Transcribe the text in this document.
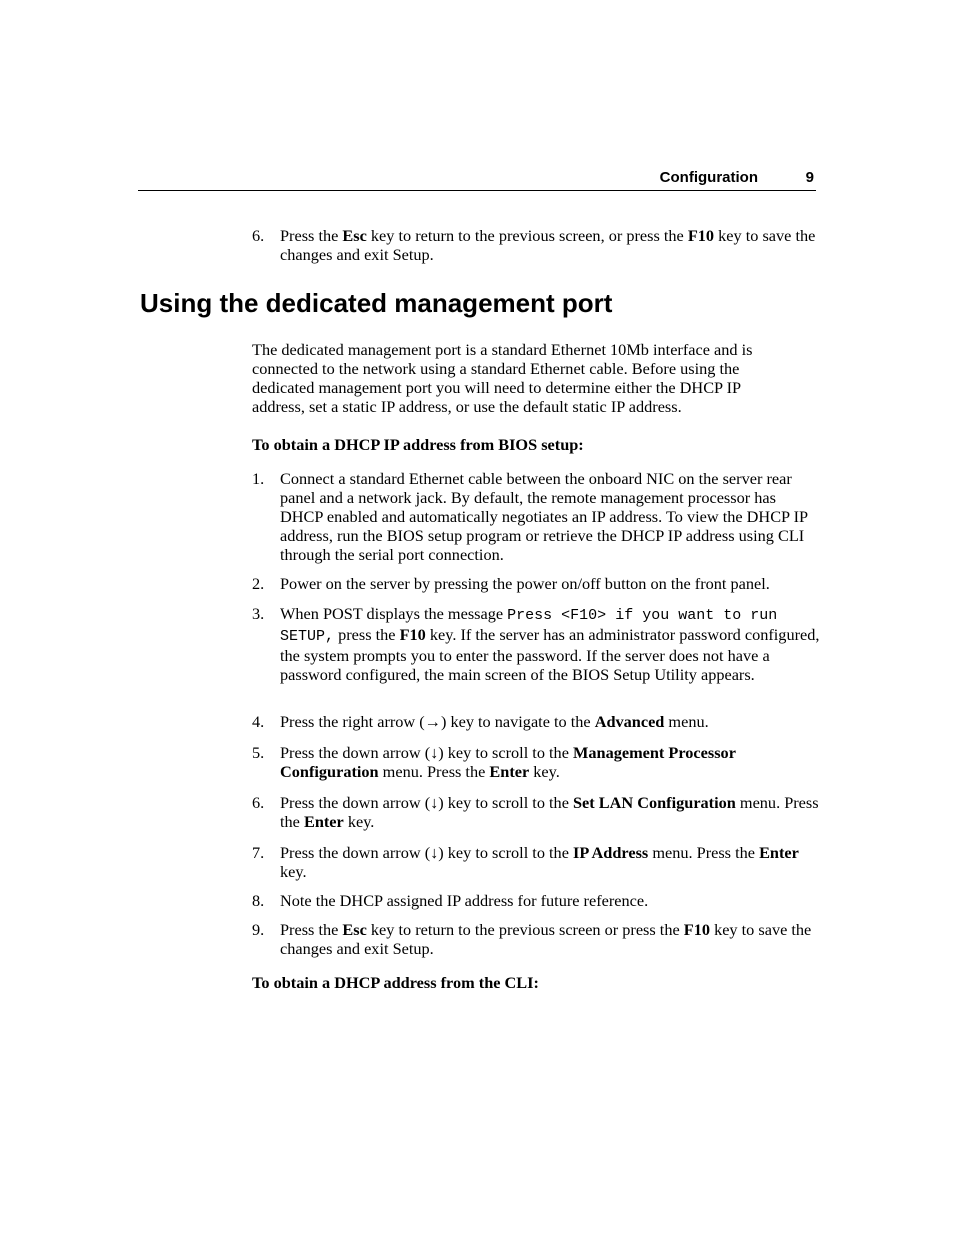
Configuration	9
6. Press the Esc key to return to the previous screen, or press the F10 key to save the changes and exit Setup.
Using the dedicated management port
The dedicated management port is a standard Ethernet 10Mb interface and is connected to the network using a standard Ethernet cable. Before using the dedicated management port you will need to determine either the DHCP IP address, set a static IP address, or use the default static IP address.
To obtain a DHCP IP address from BIOS setup:
1. Connect a standard Ethernet cable between the onboard NIC on the server rear panel and a network jack. By default, the remote management processor has DHCP enabled and automatically negotiates an IP address. To view the DHCP IP address, run the BIOS setup program or retrieve the DHCP IP address using CLI through the serial port connection.
2. Power on the server by pressing the power on/off button on the front panel.
3. When POST displays the message Press <F10> if you want to run SETUP, press the F10 key. If the server has an administrator password configured, the system prompts you to enter the password. If the server does not have a password configured, the main screen of the BIOS Setup Utility appears.
4. Press the right arrow (→) key to navigate to the Advanced menu.
5. Press the down arrow (↓) key to scroll to the Management Processor Configuration menu. Press the Enter key.
6. Press the down arrow (↓) key to scroll to the Set LAN Configuration menu. Press the Enter key.
7. Press the down arrow (↓) key to scroll to the IP Address menu. Press the Enter key.
8. Note the DHCP assigned IP address for future reference.
9. Press the Esc key to return to the previous screen or press the F10 key to save the changes and exit Setup.
To obtain a DHCP address from the CLI:
